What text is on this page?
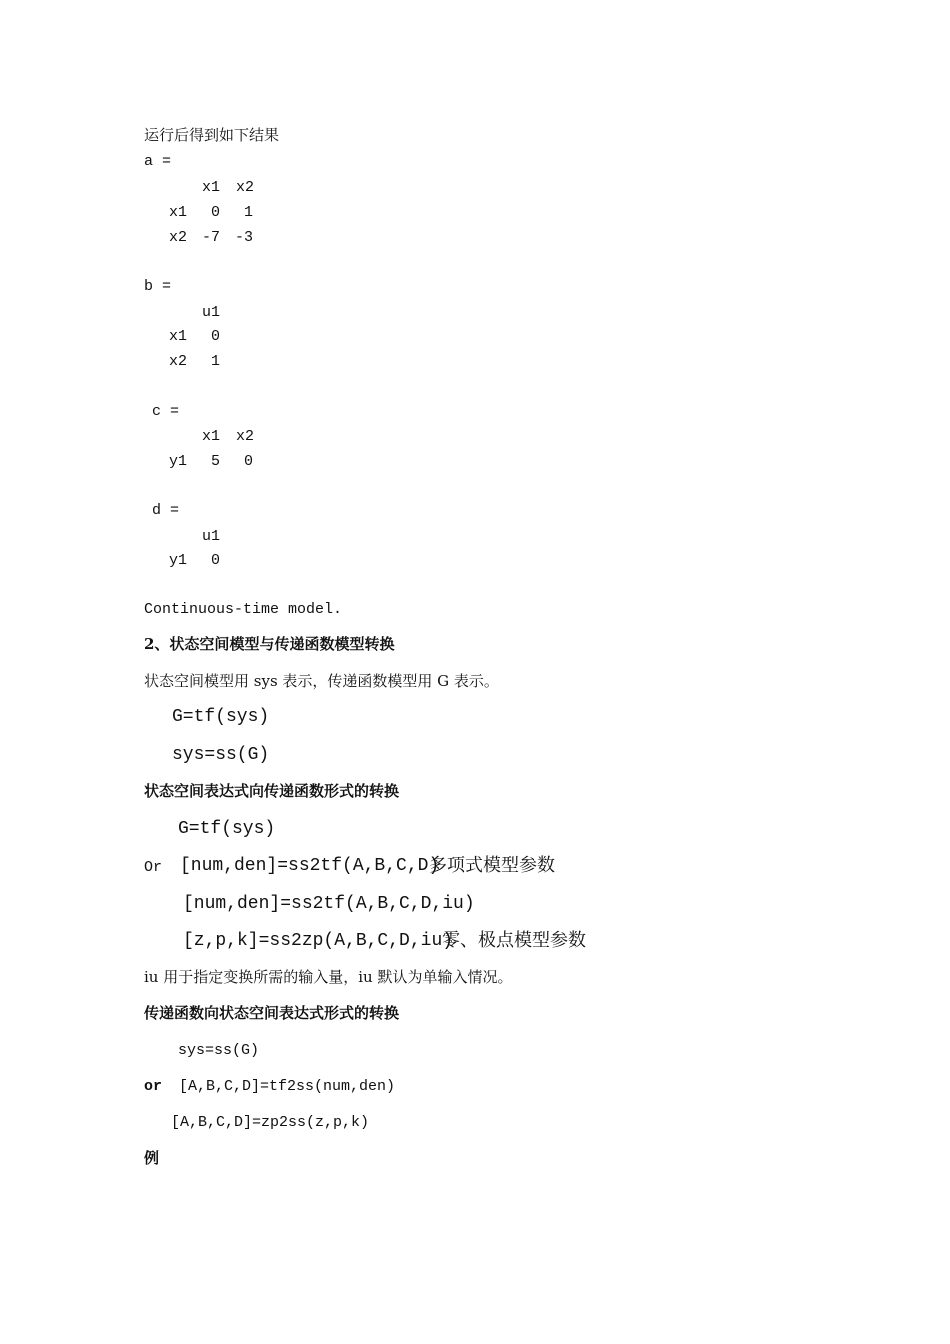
运行后得到如下结果
a =
x1 x2
x1	0	1
x2 -7 -3
b =
u1
x1	0
x2	1
c =
x1 x2
y1	5	0
d =
u1
y1	0
Continuous-time model.
2、状态空间模型与传递函数模型转换
状态空间模型用 sys 表示，传递函数模型用 G 表示。
G=tf(sys)
sys=ss(G)
状态空间表达式向传递函数形式的转换
G=tf(sys)
Or [num,den]=ss2tf(A,B,C,D)
多项式模型参数
[num,den]=ss2tf(A,B,C,D,iu)
[z,p,k]=ss2zp(A,B,C,D,iu)
零、极点模型参数
iu 用于指定变换所需的输入量，iu 默认为单输入情况。
传递函数向状态空间表达式形式的转换
sys=ss(G)
or [A,B,C,D]=tf2ss(num,den)
[A,B,C,D]=zp2ss(z,p,k)
例
